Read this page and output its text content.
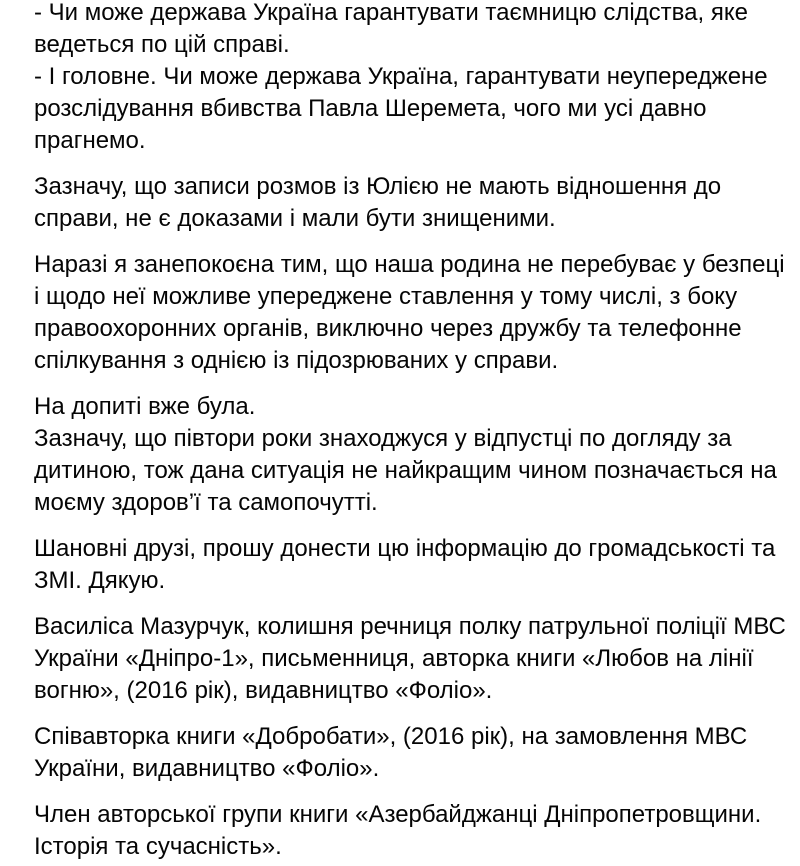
- Чи може держава Україна гарантувати таємницю слідства, яке
ведеться по цій справі.
- І головне. Чи може держава Україна, гарантувати неупереджене
розслідування вбивства Павла Шеремета, чого ми усі давно
прагнемо.

Зазначу, що записи розмов із Юлією не мають відношення до
справи, не є доказами і мали бути знищеними.

Наразі я занепокоєна тим, що наша родина не перебуває у безпеці
і щодо неї можливе упереджене ставлення у тому числі, з боку
правоохоронних органів, виключно через дружбу та телефонне
спілкування з однією із підозрюваних у справи.

На допиті вже була.
Зазначу, що півтори роки знаходжуся у відпустці по догляду за
дитиною, тож дана ситуація не найкращим чином позначається на
моєму здоров’ї та самопочутті.

Шановні друзі, прошу донести цю інформацію до громадськості та
ЗМІ. Дякую.

Василіса Мазурчук, колишня речниця полку патрульної поліції МВС
України «Дніпро-1», письменниця, авторка книги «Любов на лінії
вогню», (2016 рік), видавництво «Фоліо».

Співавторка книги «Добробати», (2016 рік), на замовлення МВС
України, видавництво «Фоліо».

Член авторської групи книги «Азербайджанці Дніпропетровщини.
Історія та сучасність».
